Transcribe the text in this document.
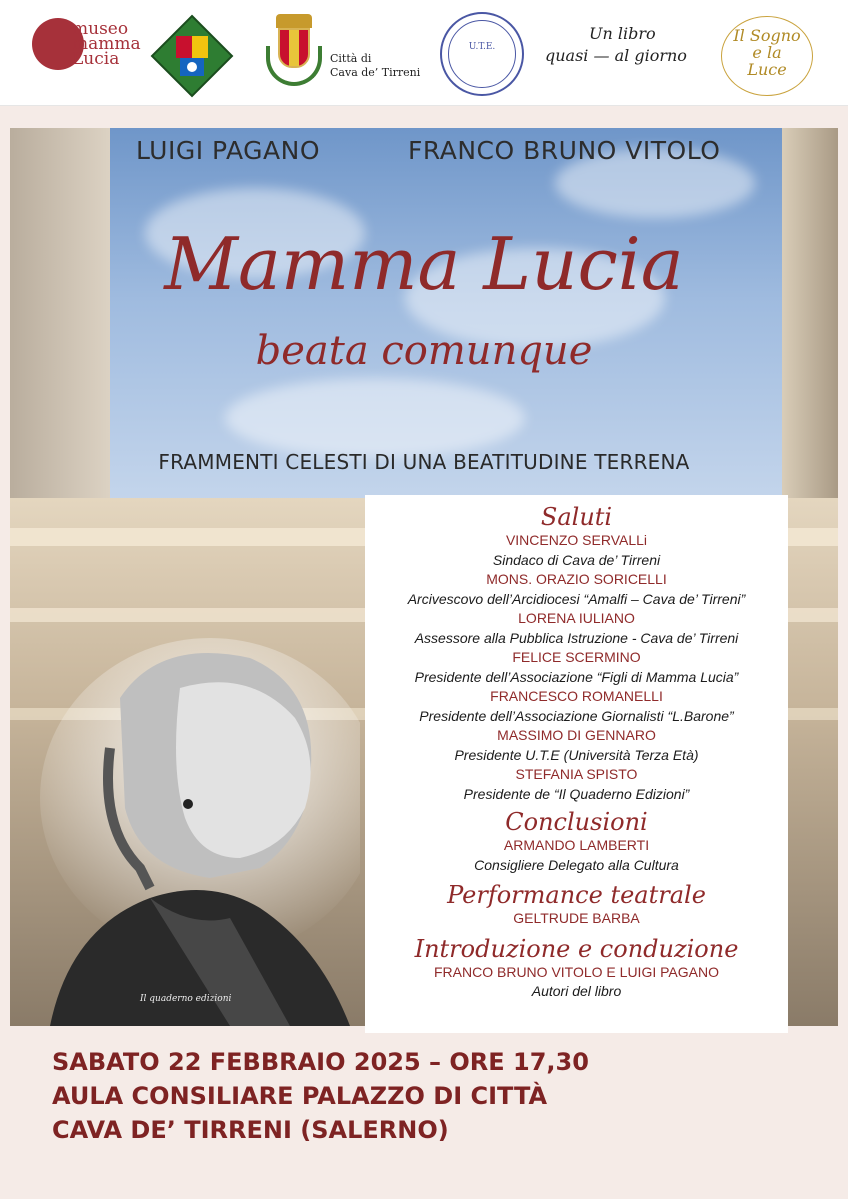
museo mamma Lucia	Città di
Cava de’ Tirreni
U.T.E.
Un libro
quasi — al giorno
Il Sogno e la Luce
Il quaderno edizioni
LUIGI PAGANO	FRANCO BRUNO VITOLO
Mamma Lucia
beata comunque
FRAMMENTI CELESTI DI UNA BEATITUDINE TERRENA
Saluti
VINCENZO SERVALLi
Sindaco di Cava de’ Tirreni
MONS. ORAZIO SORICELLI
Arcivescovo dell’Arcidiocesi “Amalfi – Cava de’ Tirreni”
LORENA IULIANO
Assessore alla Pubblica Istruzione - Cava de’ Tirreni
FELICE SCERMINO
Presidente dell’Associazione “Figli di Mamma Lucia”
FRANCESCO ROMANELLI
Presidente dell’Associazione Giornalisti “L.Barone”
MASSIMO DI GENNARO
Presidente U.T.E (Università Terza Età)
STEFANIA SPISTO
Presidente de “Il Quaderno Edizioni”
Conclusioni
ARMANDO LAMBERTI
Consigliere Delegato alla Cultura
Performance teatrale
GELTRUDE BARBA
Introduzione e conduzione
FRANCO BRUNO VITOLO E LUIGI PAGANO
Autori del libro
SABATO 22 FEBBRAIO 2025 – ORE 17,30
AULA CONSILIARE PALAZZO DI CITTÀ
CAVA DE’ TIRRENI (SALERNO)
